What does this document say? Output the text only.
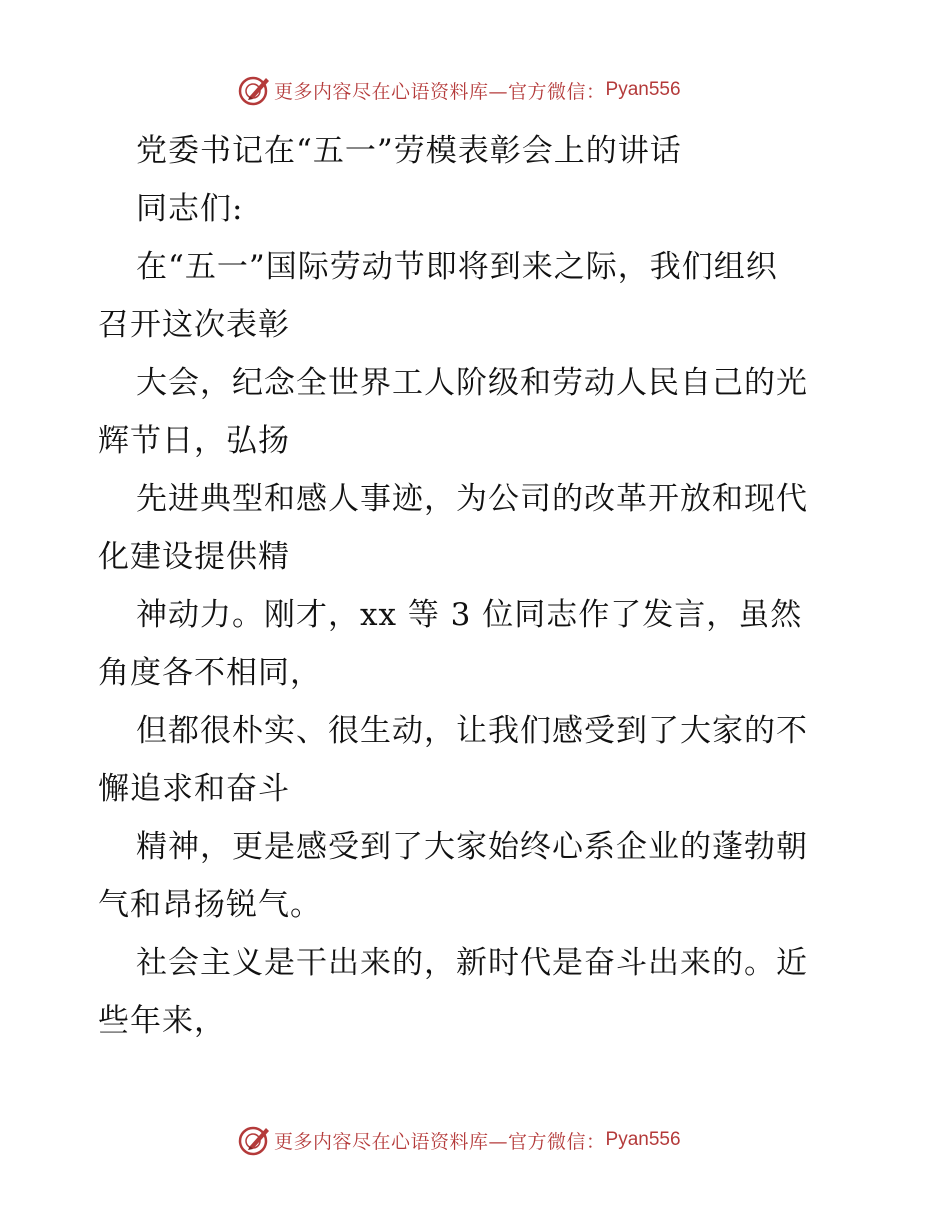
更多内容尽在心语资料库—官方微信： Pyan556
党委书记在“五一”劳模表彰会上的讲话
同志们:
在“五一”国际劳动节即将到来之际，我们组织
召开这次表彰
大会，纪念全世界工人阶级和劳动人民自己的光
辉节日，弘扬
先进典型和感人事迹，为公司的改革开放和现代
化建设提供精
神动力。刚才，xx 等 3 位同志作了发言，虽然
角度各不相同，
但都很朴实、很生动，让我们感受到了大家的不
懈追求和奋斗
精神，更是感受到了大家始终心系企业的蓬勃朝
气和昂扬锐气。
社会主义是干出来的，新时代是奋斗出来的。近
些年来，
更多内容尽在心语资料库—官方微信： Pyan556
